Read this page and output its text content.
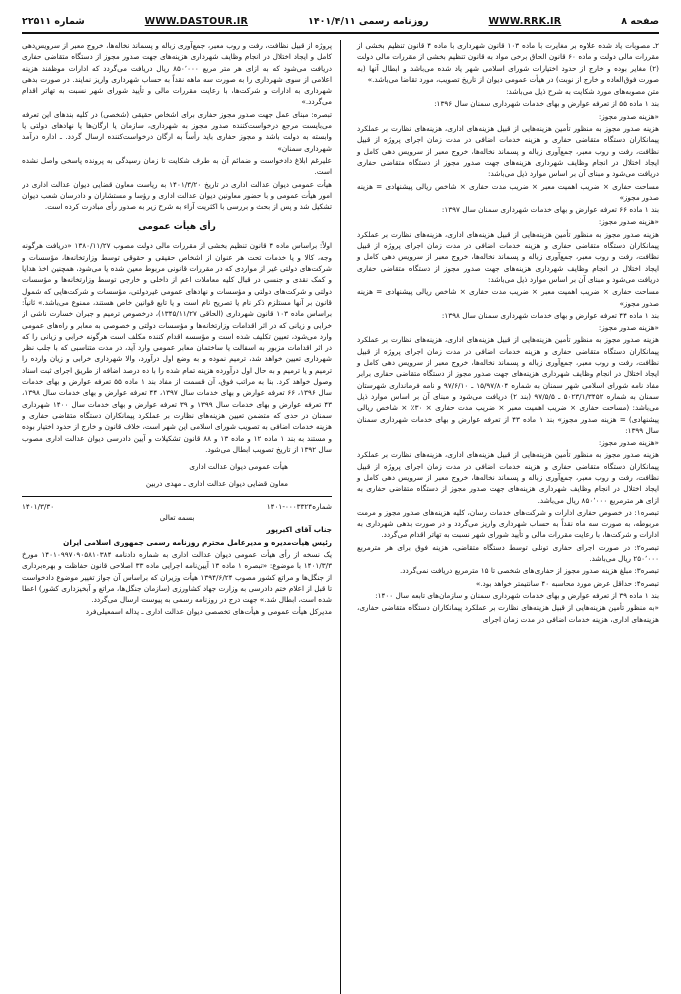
صفحه ۸
WWW.RRK.IR
روزنامه رسمی ۱۴۰۱/۴/۱۱
WWW.DASTOUR.IR
شماره ۲۲۵۱۱

۲ـ مصوبات یاد شده علاوه بر مغایرت با ماده ۱۰۳ قانون شهرداری با ماده ۴ قانون تنظیم بخشی از مقررات مالی دولت و ماده ۶۰ قانون الحاق برخی مواد به قانون تنظیم بخشی از مقررات مالی دولت (۲) مغایر بوده و خارج از حدود اختیارات شورای اسلامی شهر یاد شده می‌باشد و ابطال آنها (به صورت فوق‌العاده و خارج از نوبت) در هیأت عمومی دیوان از تاریخ تصویب، مورد تقاضا می‌باشد.»

متن مصوبه‌های مورد شکایت به شرح ذیل می‌باشد:

بند ۱ ماده ۵۵ از تعرفه عوارض و بهای خدمات شهرداری سمنان سال ۱۳۹۶:

«هزینه صدور مجوز:

هزینه صدور مجوز به منظور تأمین هزینه‌هایی از قبیل هزینه‌های اداری، هزینه‌های نظارت بر عملکرد پیمانکاران دستگاه متقاضی حفاری و هزینه خدمات اضافی در مدت زمان اجرای پروژه از قبیل نظافت، رفت و روب معبر، جمع‌آوری زباله و پسماند نخاله‌ها، خروج معبر از سرویس دهی کامل و ایجاد اختلال در انجام وظایف شهرداری هزینه‌های جهت صدور مجوز از دستگاه متقاضی حفاری دریافت می‌شود و مبنای آن بر اساس موارد ذیل می‌باشد:

مساحت حفاری × ضریب اهمیت معبر × ضریب مدت حفاری × شاخص ریالی پیشنهادی = هزینه صدور مجوز»

بند ۱ ماده ۶۶ تعرفه عوارض و بهای خدمات شهرداری سمنان سال ۱۳۹۷:

«هزینه صدور مجوز:

هزینه صدور مجوز به منظور تأمین هزینه‌هایی از قبیل هزینه‌های اداری، هزینه‌های نظارت بر عملکرد پیمانکاران دستگاه متقاضی حفاری و هزینه خدمات اضافی در مدت زمان اجرای پروژه از قبیل نظافت، رفت و روب معبر، جمع‌آوری زباله و پسماند نخاله‌ها، خروج معبر از سرویس دهی کامل و ایجاد اختلال در انجام وظایف شهرداری هزینه‌های جهت صدور مجوز از دستگاه متقاضی حفاری دریافت می‌شود و مبنای آن بر اساس موارد ذیل می‌باشد:

مساحت حفاری × ضریب اهمیت معبر × ضریب مدت حفاری × شاخص ریالی پیشنهادی = هزینه صدور مجوز»

بند ۱ ماده ۴۴ تعرفه عوارض و بهای خدمات شهرداری سمنان سال ۱۳۹۸:

«هزینه صدور مجوز:

هزینه صدور مجوز به منظور تأمین هزینه‌هایی از قبیل هزینه‌های اداری، هزینه‌های نظارت بر عملکرد پیمانکاران دستگاه متقاضی حفاری و هزینه خدمات اضافی در مدت زمان اجرای پروژه از قبیل نظافت، رفت و روب معبر، جمع‌آوری زباله و پسماند نخاله‌ها، خروج معبر از سرویس دهی کامل و ایجاد اختلال در انجام وظایف شهرداری هزینه‌های جهت صدور مجوز از دستگاه متقاضی حفاری برابر مفاد نامه شورای اسلامی شهر سمنان به شماره ۱۵/۹۷/۸۰۴ ـ ۹۷/۶/۱۰ و نامه فرمانداری شهرستان سمنان به شماره ۵۰۲۳/۱/۳۴۵۲ ـ ۹۷/۵/۵ (بند ۲) دریافت می‌شود و مبنای آن بر اساس موارد ذیل می‌باشد: (مساحت حفاری × ضریب اهمیت معبر × ضریب مدت حفاری × ۳۰٪ × شاخص ریالی پیشنهادی) = هزینه صدور مجوز» بند ۱ ماده ۴۳ از تعرفه عوارض و بهای خدمات شهرداری سمنان سال ۱۳۹۹:

«هزینه صدور مجوز:

هزینه صدور مجوز به منظور تأمین هزینه‌هایی از قبیل هزینه‌های اداری، هزینه‌های نظارت بر عملکرد پیمانکاران دستگاه متقاضی حفاری و هزینه خدمات اضافی در مدت زمان اجرای پروژه از قبیل نظافت، رفت و روب معبر، جمع‌آوری زباله و پسماند نخاله‌ها، خروج معبر از سرویس دهی کامل و ایجاد اختلال در انجام وظایف شهرداری هزینه‌های جهت صدور مجوز از دستگاه متقاضی حفاری به ازای هر مترمربع ۸۵۰٬۰۰۰ ریال می‌باشد.

تبصره۱: در خصوص حفاری ادارات و شرکت‌های خدمات رسان، کلیه هزینه‌های صدور مجوز و مرمت مربوطه، به صورت سه ماه نقداً به حساب شهرداری واریز می‌گردد و در صورت بدهی شهرداری به ادارات و شرکت‌ها، با رعایت مقررات مالی و تأیید شورای شهر نسبت به تهاتر اقدام می‌گردد.

تبصره۲: در صورت اجرای حفاری تونلی توسط دستگاه متقاضی، هزینه فوق برای هر مترمربع ۲۵۰٬۰۰۰ ریال می‌باشد.

تبصره۳: مبلغ هزینه صدور مجوز از حفاری‌های شخصی تا ۱۵ مترمربع دریافت نمی‌گردد.

تبصره۴: حداقل عرض مورد محاسبه ۴۰ سانتیمتر خواهد بود.»

بند ۱ ماده ۳۹ از تعرفه عوارض و بهای خدمات شهرداری سمنان و سازمان‌های تابعه سال ۱۴۰۰:

«به منظور تأمین هزینه‌هایی از قبیل هزینه‌های نظارت بر عملکرد پیمانکاران دستگاه متقاضی حفاری، هزینه‌های اداری، هزینه خدمات اضافی در مدت زمان اجرای

پروژه از قبیل نظافت، رفت و روب معبر، جمع‌آوری زباله و پسماند نخاله‌ها، خروج معبر از سرویس‌دهی کامل و ایجاد اختلال در انجام وظایف شهرداری هزینه‌های جهت صدور مجوز از دستگاه متقاضی حفاری دریافت می‌شود که به ازای هر متر مربع ۸۵۰٬۰۰۰ ریال دریافت می‌گردد که ادارات موظفند هزینه اعلامی از سوی شهرداری را به صورت سه ماهه نقداً به حساب شهرداری واریز نمایند. در صورت بدهی شهرداری به ادارات و شرکت‌ها، با رعایت مقررات مالی و تأیید شورای شهر نسبت به تهاتر اقدام می‌گردد.»

تبصره: مبنای عمل جهت صدور مجوز حفاری برای اشخاص حقیقی (شخصی) در کلیه بندهای این تعرفه می‌بایست مرجع درخواست‌کننده صدور مجوز به شهرداری، سازمان یا ارگان‌ها یا نهادهای دولتی یا وابسته به دولت باشد و مجوز حفاری باید رأساً به ارگان درخواست‌کننده ارسال گردد. ـ اداره درآمد شهرداری سمنان»

علیرغم ابلاغ دادخواست و ضمائم آن به طرف شکایت تا زمان رسیدگی به پرونده پاسخی واصل نشده است.

هیأت عمومی دیوان عدالت اداری در تاریخ ۱۴۰۱/۳/۲۰ به ریاست معاون قضایی دیوان عدالت اداری در امور هیأت عمومی و با حضور معاونین دیوان عدالت اداری و رؤسا و مستشاران و دادرسان شعب دیوان تشکیل شد و پس از بحث و بررسی با اکثریت آراء به شرح زیر به صدور رأی مبادرت کرده است.

رأی هیأت عمومی

اولاً: براساس ماده ۴ قانون تنظیم بخشی از مقررات مالی دولت مصوب ۱۳۸۰/۱۱/۲۷ «دریافت هرگونه وجه، کالا و یا خدمات تحت هر عنوان از اشخاص حقیقی و حقوقی توسط وزارتخانه‌ها، مؤسسات و شرکت‌های دولتی غیر از مواردی که در مقررات قانونی مربوط معین شده یا می‌شود، همچنین اخذ هدایا و کمک نقدی و جنسی در قبال کلیه معاملات اعم از داخلی و خارجی توسط وزارتخانه‌ها و مؤسسات دولتی و شرکت‌های دولتی و مؤسسات و نهادهای عمومی غیردولتی، مؤسسات و شرکت‌هایی که شمول قانون بر آنها مستلزم ذکر نام یا تصریح نام است و یا تابع قوانین خاص هستند، ممنوع می‌باشد.» ثانیاً: براساس ماده ۱۰۳ قانون شهرداری (الحاقی ۱۳۴۵/۱۱/۲۷)، درخصوص ترمیم و جبران خسارت ناشی از خرابی و زیانی که در اثر اقدامات وزارتخانه‌ها و مؤسسات دولتی و خصوصی به معابر و راه‌های عمومی وارد می‌شود، تعیین تکلیف شده است و مؤسسه اقدام کننده مکلف است هرگونه خرابی و زیانی را که در اثر اقدامات مزبور به اسفالت یا ساختمان معابر عمومی وارد آید، در مدت متناسبی که با جلب نظر شهرداری تعیین خواهد شد، ترمیم نموده و به وضع اول درآورد، والا شهرداری خرابی و زیان وارده را ترمیم و یا ترمیم و به حال اول درآورده هزینه تمام شده را با ده درصد اضافه از طریق اجرای ثبت اسناد وصول خواهد کرد. بنا به مراتب فوق، آن قسمت از مفاد بند ۱ ماده ۵۵ تعرفه عوارض و بهای خدمات سال ۱۳۹۶، ۶۶ تعرفه عوارض و بهای خدمات سال ۱۳۹۷، ۴۴ تعرفه عوارض و بهای خدمات سال ۱۳۹۸، ۴۳ تعرفه عوارض و بهای خدمات سال ۱۳۹۹ و ۳۹ تعرفه عوارض و بهای خدمات سال ۱۴۰۰ شهرداری سمنان در حدی که متضمن تعیین هزینه‌های نظارت بر عملکرد پیمانکاران دستگاه متقاضی حفاری و هزینه خدمات اضافی به تصویب شورای اسلامی این شهر است، خلاف قانون و خارج از حدود اختیار بوده و مستند به بند ۱ ماده ۱۲ و ماده ۱۳ و ۸۸ قانون تشکیلات و آیین دادرسی دیوان عدالت اداری مصوب سال ۱۳۹۲ از تاریخ تصویب ابطال می‌شود.

هیأت عمومی دیوان عدالت اداری

معاون قضایی دیوان عدالت اداری ـ مهدی دربین

شماره۰۰۰۳۳۲۴-۱۴۰۱
۱۴۰۱/۳/۳۰

بسمه تعالی

جناب آقای اکبرپور

رئیس هیأت‌مدیره و مدیرعامل محترم روزنامه رسمی جمهوری اسلامی ایران

یک نسخه از رأی هیأت عمومی دیوان عدالت اداری به شماره دادنامه ۱۴۰۱۰۹۹۷۰۹۰۵۸۱۰۳۸۴ مورخ ۱۴۰۱/۳/۳ با موضوع: «تبصره ۱ ماده ۱۳ آیین‌نامه اجرایی ماده ۳۳ اصلاحی قانون حفاظت و بهره‌برداری از جنگل‌ها و مراتع کشور مصوب ۱۳۹۴/۶/۲۴ هیأت وزیران که براساس آن جواز تغییر موضوع دادخواست تا قبل از اعلام ختم دادرسی به وزارت جهاد کشاورزی (سازمان جنگل‌ها، مراتع و آبخیزداری کشور) اعطا شده است، ابطال شد.» جهت درج در روزنامه رسمی به پیوست ارسال می‌گردد.

مدیرکل هیأت عمومی و هیأت‌های تخصصی دیوان عدالت اداری ـ یداله اسمعیلی‌فرد
